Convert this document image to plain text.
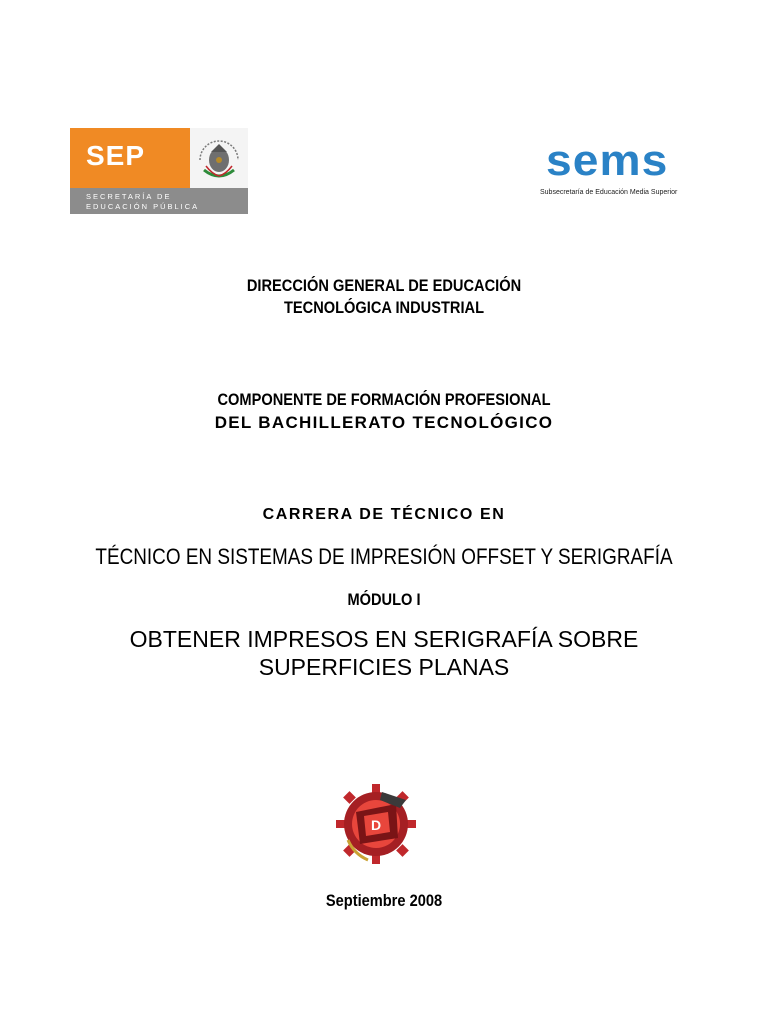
SEP
SECRETARÍA DE
EDUCACIÓN PÚBLICA
sems
Subsecretaría de Educación Media Superior
DIRECCIÓN GENERAL DE EDUCACIÓN
TECNOLÓGICA INDUSTRIAL
COMPONENTE DE FORMACIÓN PROFESIONAL
DEL BACHILLERATO TECNOLÓGICO
CARRERA DE TÉCNICO EN
TÉCNICO EN SISTEMAS DE IMPRESIÓN OFFSET Y SERIGRAFÍA
MÓDULO I
OBTENER IMPRESOS EN SERIGRAFÍA SOBRE
SUPERFICIES PLANAS
D
Septiembre 2008
